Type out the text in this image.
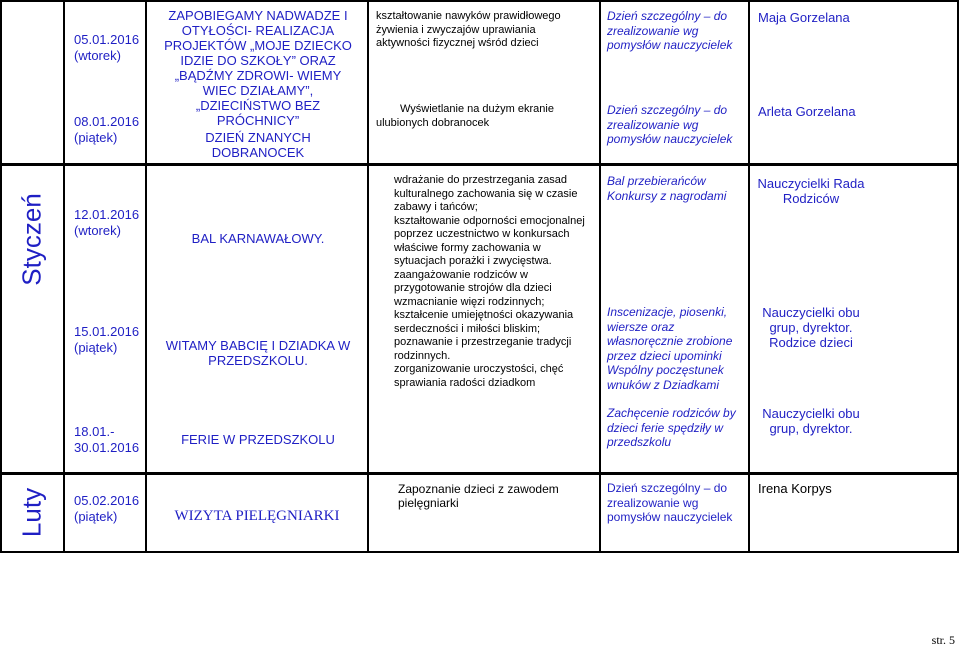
05.01.2016
(wtorek)
08.01.2016
(piątek)
ZAPOBIEGAMY NADWADZE I OTYŁOŚCI- REALIZACJA PROJEKTÓW „MOJE DZIECKO IDZIE DO SZKOŁY” ORAZ „BĄDŹMY ZDROWI- WIEMY WIEC DZIAŁAMY”, „DZIECIŃSTWO BEZ PRÓCHNICY”
DZIEŃ ZNANYCH DOBRANOCEK
kształtowanie nawyków prawidłowego żywienia i zwyczajów uprawiania aktywności fizycznej wśród dzieci
Wyświetlanie na dużym ekranie ulubionych dobranocek
Dzień szczególny – do zrealizowanie wg pomysłów nauczycielek
Dzień szczególny – do zrealizowanie wg pomysłów nauczycielek
Maja Gorzelana
Arleta Gorzelana
Styczeń 12.01.2016
(wtorek)
15.01.2016
(piątek)
18.01.-
30.01.2016
BAL KARNAWAŁOWY.
WITAMY BABCIĘ I DZIADKA W PRZEDSZKOLU.
FERIE W PRZEDSZKOLU

wdrażanie do przestrzegania zasad kulturalnego zachowania się w czasie zabawy i tańców;

kształtowanie odporności emocjonalnej poprzez uczestnictwo w konkursach

właściwe formy zachowania w sytuacjach porażki i zwycięstwa.

zaangażowanie rodziców w przygotowanie strojów dla dzieci

wzmacnianie więzi rodzinnych;

kształcenie umiejętności okazywania serdeczności i miłości bliskim;

poznawanie i przestrzeganie tradycji rodzinnych.

zorganizowanie uroczystości, chęć sprawiania radości dziadkom

Bal przebierańców
Konkursy z nagrodami
Inscenizacje, piosenki, wiersze oraz własnoręcznie zrobione przez dzieci upominki Wspólny poczęstunek wnuków z Dziadkami
Zachęcenie rodziców by dzieci ferie spędziły w przedszkolu
Nauczycielki Rada Rodziców
Nauczycielki obu grup, dyrektor. Rodzice dzieci
Nauczycielki obu grup, dyrektor.
Luty 05.02.2016
(piątek)	WIZYTA PIELĘGNIARKI
Zapoznanie dzieci z zawodem pielęgniarki
Dzień szczególny – do zrealizowanie wg pomysłów nauczycielek
Irena Korpys
str. 5
